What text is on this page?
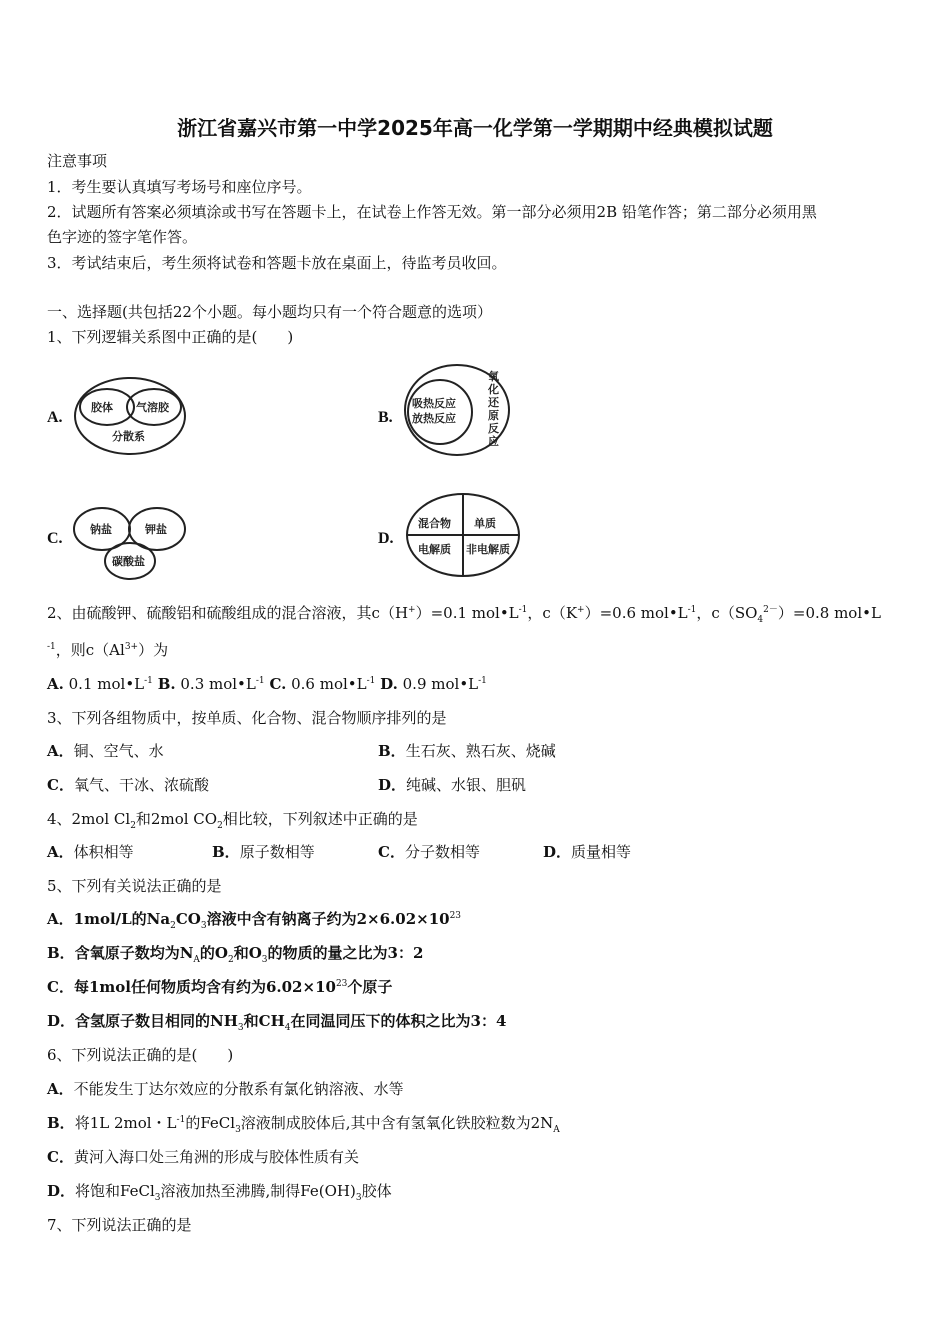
浙江省嘉兴市第一中学2025年高一化学第一学期期中经典模拟试题
注意事项
1．考生要认真填写考场号和座位序号。
2．试题所有答案必须填涂或书写在答题卡上，在试卷上作答无效。第一部分必须用2B 铅笔作答；第二部分必须用黑
色字迹的签字笔作答。
3．考试结束后，考生须将试卷和答题卡放在桌面上，待监考员收回。
一、选择题(共包括22个小题。每小题均只有一个符合题意的选项）
1、下列逻辑关系图中正确的是(　　)
A.
胶体 气溶胶
分散系
B.
吸热反应
放热反应
氧
化
还
原
反
应
C.
钠盐	钾盐
碳酸盐
D.
混合物 单质
电解质 非电解质
2、由硫酸钾、硫酸铝和硫酸组成的混合溶液，其c（H+）=0.1 $mol•L^{-1}$，c（K+）=0.6 $mol•L^{-1}$，$c(SO_4^{2-})=0.8$ mol•L
$^{-1}$，则$c(Al^{3+})$为
A. 0.1 $mol•L^{-1}$ B. 0.3 $mol•L^{-1}$ C. 0.6 $mol•L^{-1}$ D. 0.9 $mol•L^{-1}$
3、下列各组物质中，按单质、化合物、混合物顺序排列的是
A．铜、空气、水	B．生石灰、熟石灰、烧碱
C．氧气、干冰、浓硫酸	D．纯碱、水银、胆矾
4、2mol $Cl_2$和2mol $CO_2$相比较，下列叙述中正确的是
A．体积相等	B．原子数相等	C．分子数相等	D．质量相等
5、下列有关说法正确的是
A．1mol/L的$Na_2CO_3$溶液中含有钠离子约为$2\times 6.02\times 10^{23}$
B．含氧原子数均为$N_A$的$O_2$和$O_3$的物质的量之比为3：2
C．每1mol任何物质均含有约为$6.02\times 10^{23}$个原子
D．含氢原子数目相同的$NH_3$和$CH_4$在同温同压下的体积之比为3：4
6、下列说法正确的是(　　)
A．不能发生丁达尔效应的分散系有氯化钠溶液、水等
B．将1L 2mol・$L^{-1}$的FeCl$_3$溶液制成胶体后,其中含有氢氧化铁胶粒数为$2N_A$
C．黄河入海口处三角洲的形成与胶体性质有关
D．将饱和FeCl$_3$溶液加热至沸腾,制得$Fe(OH)_3$胶体
7、下列说法正确的是
